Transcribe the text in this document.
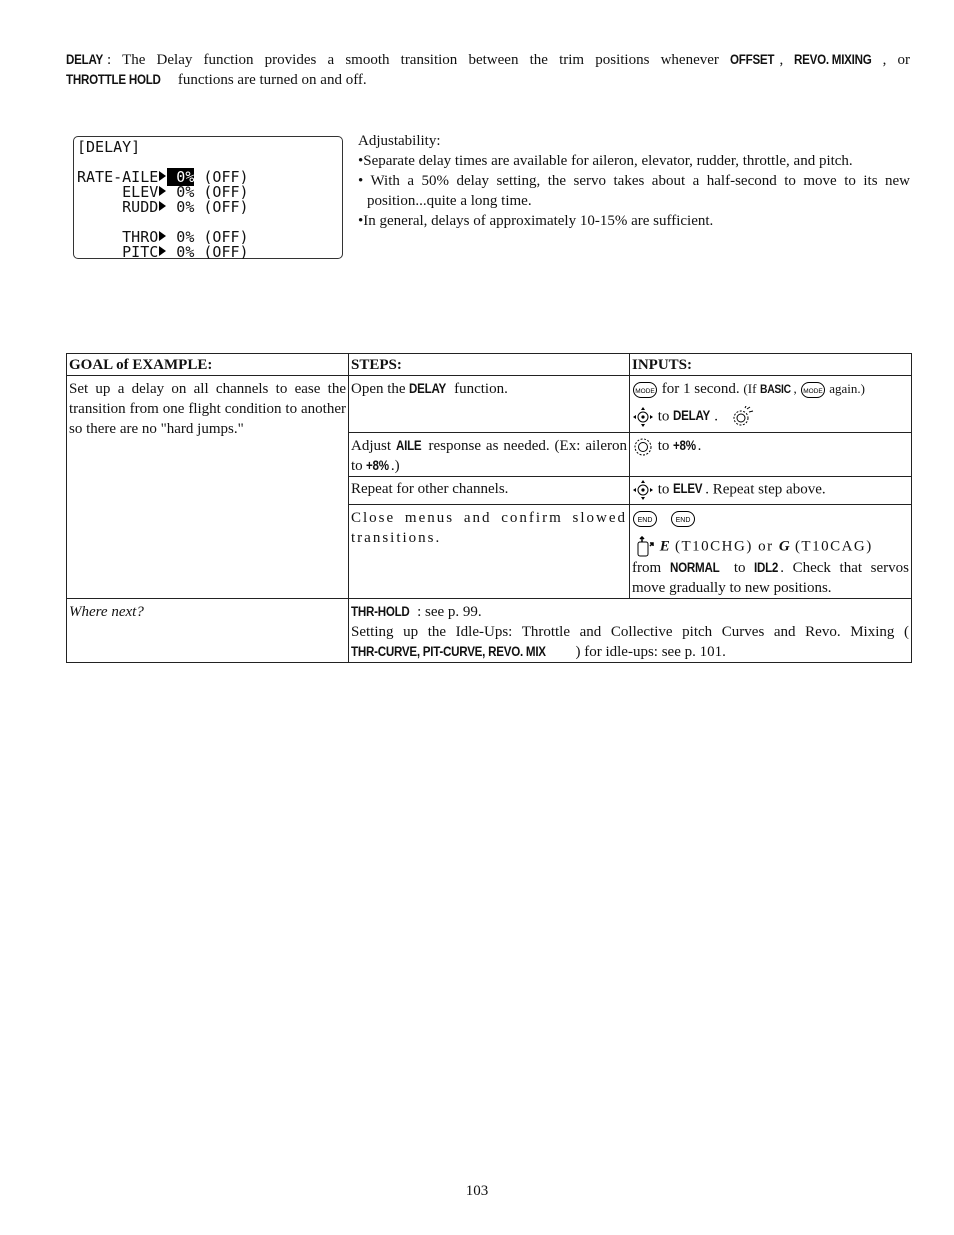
DELAY : The Delay function provides a smooth transition between the trim positions whenever OFFSET , REVO. MIXING , or THROTTLE HOLD functions are turned on and off.
[DELAY]
RATE-AILE 0% (OFF)
ELEV 0% (OFF)
RUDD 0% (OFF)
THRO 0% (OFF)
PITC 0% (OFF)
Adjustability:
•Separate delay times are available for aileron, elevator, rudder, throttle, and pitch.
• With a 50% delay setting, the servo takes about a half-second to move to its new position...quite a long time.
•In general, delays of approximately 10-15% are sufficient.
GOAL of EXAMPLE:	STEPS:	INPUTS:
Set up a delay on all channels to ease the transition from one flight condition to another so there are no "hard jumps."	Open the DELAY function.	MODE for 1 second. (If BASIC , MODE again.)
to DELAY .

	Adjust AILE response as needed. (Ex: aileron to +8% .)	to +8% .
	Repeat for other channels.	to ELEV . Repeat step above.
	Close menus and confirm slowed transitions.	END
END
E (T10CHG) or G (T10CAG)
from NORMAL to IDL2 . Check that servos move gradually to new positions.

Where next?	THR-HOLD : see p. 99.
Setting up the Idle-Ups: Throttle and Collective pitch Curves and Revo. Mixing (THR-CURVE, PIT-CURVE, REVO. MIX ) for idle-ups: see p. 101.	
103
